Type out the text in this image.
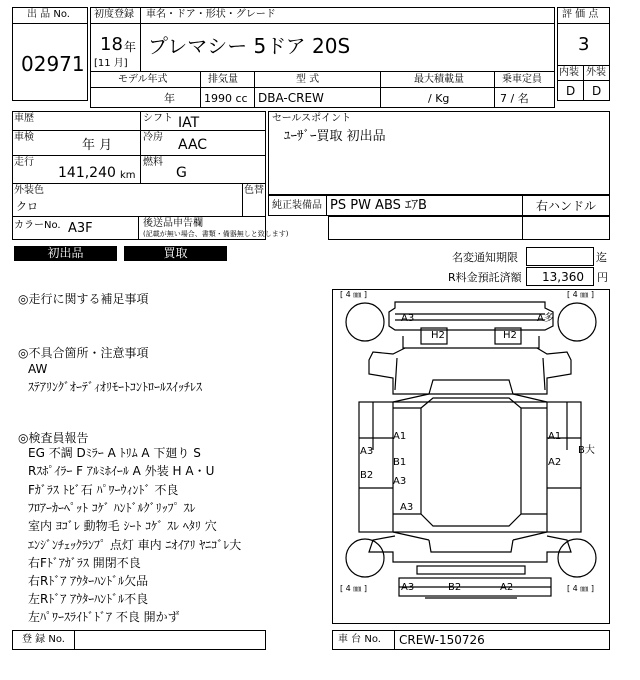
出 品 No.
02971
初度登録 車名・ドア・形状・グレード
18 年
[11 月]
プレマシー 5ドア 20S
モデル年式	排気量	型 式	最大積載量	乗車定員
年	1990 cc DBA-CREW	/ Kg	7 / 名
評 価 点
3
内装 外装
D D
車歴	シフト IAT
車検
年 月
冷房 AAC
走行
141,240 km
燃料
G
外装色	色替
クロ
カラーNo. A3F	後送品申告欄
(記載が無い場合、書類・備器無しと致します)
セールスポイント
ﾕｰｻﾞｰ買取 初出品
純正装備品 PS PW ABS ｴｱB	右ハンドル
初出品	買取	名変通知期限	迄
R料金預託済額 13,360 円
◎走行に関する補足事項
◎不具合箇所・注意事項
AW
ｽﾃｱﾘﾝｸﾞｵｰﾃﾞｨｵﾘﾓｰﾄｺﾝﾄﾛｰﾙｽｲｯﾁﾚｽ
◎検査員報告
EG 不調 Dﾐﾗｰ A ﾄﾘﾑ A 下廻り S
Rｽﾎﾟｲﾗｰ F ｱﾙﾐﾎｲｰﾙ A 外装 H A・U
Fｶﾞﾗｽ ﾄﾋﾞ石 ﾊﾟﾜｰｳｨﾝﾄﾞ 不良
ﾌﾛｱｰｶｰﾍﾟｯﾄ ｺｹﾞ ﾊﾝﾄﾞﾙｸﾞﾘｯﾌﾟ ｽﾚ
室内 ﾖｺﾞﾚ 動物毛 ｼｰﾄ ｺｹﾞ ｽﾚ ﾍﾀﾘ 穴
ｴﾝｼﾞﾝﾁｪｯｸﾗﾝﾌﾟ 点灯 車内 ﾆｵｲｱﾘ ﾔﾆｺﾞﾚ大
右Fﾄﾞｱｶﾞﾗｽ 開閉不良
右Rﾄﾞｱ ｱｳﾀｰﾊﾝﾄﾞﾙ欠品
左Rﾄﾞｱ ｱｳﾀｰﾊﾝﾄﾞﾙ不良
左ﾊﾟﾜｰｽﾗｲﾄﾞﾄﾞｱ 不良 開かず
[ 4 ㎜ ]	[ 4 ㎜ ]
[ 4 ㎜ ]	[ 4 ㎜ ]
A3	A多
H2	H2
A1
A3
B1
B2
A3
A3
A1
B大
A2
A3	B2	A2
登 録 No.	車 台 No. CREW-150726
